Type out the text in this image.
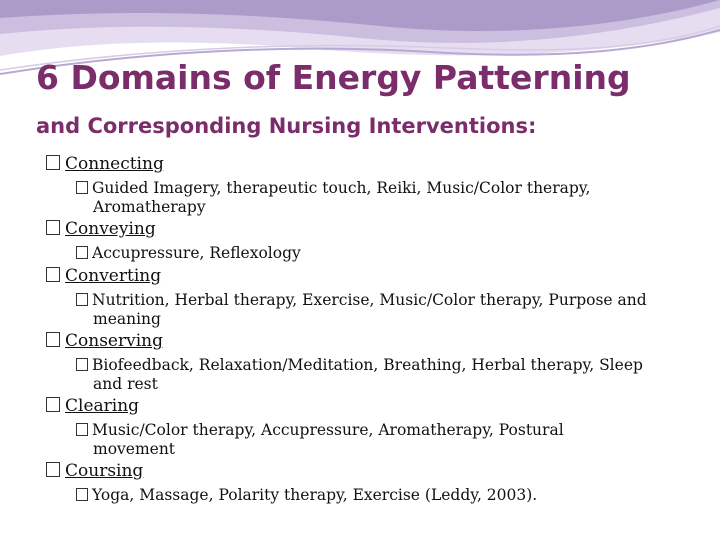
6 Domains of Energy Patterning
and Corresponding Nursing Interventions:
Connecting
Guided Imagery, therapeutic touch, Reiki, Music/Color therapy,
Aromatherapy
Conveying
Accupressure, Reflexology
Converting
Nutrition, Herbal therapy, Exercise, Music/Color therapy, Purpose and
meaning
Conserving
Biofeedback, Relaxation/Meditation, Breathing, Herbal therapy, Sleep
and rest
Clearing
Music/Color therapy, Accupressure, Aromatherapy, Postural
movement
Coursing
Yoga, Massage, Polarity therapy, Exercise (Leddy, 2003).
